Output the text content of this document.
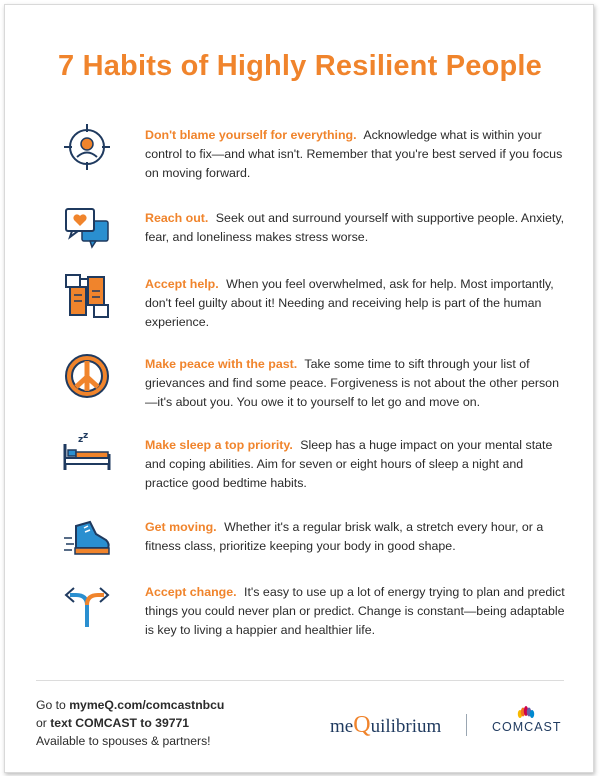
7 Habits of Highly Resilient People
Don't blame yourself for everything. Acknowledge what is within your control to fix—and what isn't. Remember that you're best served if you focus on moving forward.
Reach out. Seek out and surround yourself with supportive people. Anxiety, fear, and loneliness makes stress worse.
Accept help. When you feel overwhelmed, ask for help. Most importantly, don't feel guilty about it! Needing and receiving help is part of the human experience.
Make peace with the past. Take some time to sift through your list of grievances and find some peace. Forgiveness is not about the other person—it's about you. You owe it to yourself to let go and move on.
z z
Make sleep a top priority. Sleep has a huge impact on your mental state and coping abilities. Aim for seven or eight hours of sleep a night and practice good bedtime habits.
Get moving. Whether it's a regular brisk walk, a stretch every hour, or a fitness class, prioritize keeping your body in good shape.
Accept change. It's easy to use up a lot of energy trying to plan and predict things you could never plan or predict. Change is constant—being adaptable is key to living a happier and healthier life.
Go to mymeQ.com/comcastnbcu
or text COMCAST to 39771
Available to spouses & partners!
meQuilibrium	COMCAST
